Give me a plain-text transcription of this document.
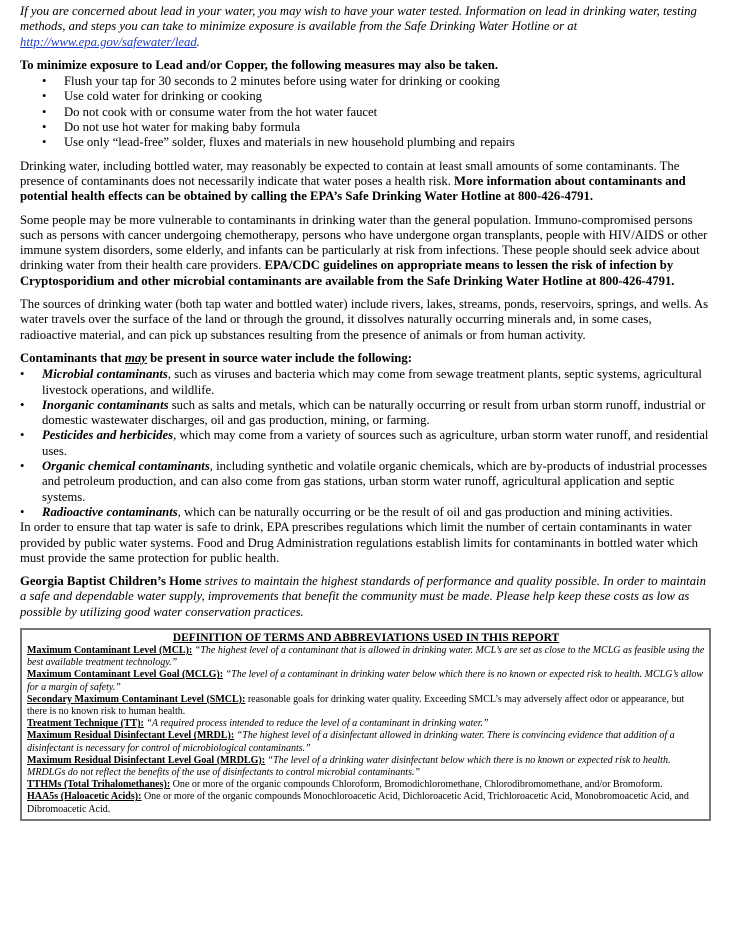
If you are concerned about lead in your water, you may wish to have your water tested. Information on lead in drinking water, testing methods, and steps you can take to minimize exposure is available from the Safe Drinking Water Hotline or at http://www.epa.gov/safewater/lead.

To minimize exposure to Lead and/or Copper, the following measures may also be taken.
• Flush your tap for 30 seconds to 2 minutes before using water for drinking or cooking
• Use cold water for drinking or cooking
• Do not cook with or consume water from the hot water faucet
• Do not use hot water for making baby formula
• Use only “lead-free” solder, fluxes and materials in new household plumbing and repairs

Drinking water, including bottled water, may reasonably be expected to contain at least small amounts of some contaminants. The presence of contaminants does not necessarily indicate that water poses a health risk. More information about contaminants and potential health effects can be obtained by calling the EPA’s Safe Drinking Water Hotline at 800-426-4791.

Some people may be more vulnerable to contaminants in drinking water than the general population. Immuno-compromised persons such as persons with cancer undergoing chemotherapy, persons who have undergone organ transplants, people with HIV/AIDS or other immune system disorders, some elderly, and infants can be particularly at risk from infections. These people should seek advice about drinking water from their health care providers. EPA/CDC guidelines on appropriate means to lessen the risk of infection by Cryptosporidium and other microbial contaminants are available from the Safe Drinking Water Hotline at 800-426-4791.

The sources of drinking water (both tap water and bottled water) include rivers, lakes, streams, ponds, reservoirs, springs, and wells. As water travels over the surface of the land or through the ground, it dissolves naturally occurring minerals and, in some cases, radioactive material, and can pick up substances resulting from the presence of animals or from human activity.

Contaminants that may be present in source water include the following:
• Microbial contaminants, such as viruses and bacteria which may come from sewage treatment plants, septic systems, agricultural livestock operations, and wildlife.
• Inorganic contaminants such as salts and metals, which can be naturally occurring or result from urban storm runoff, industrial or domestic wastewater discharges, oil and gas production, mining, or farming.
• Pesticides and herbicides, which may come from a variety of sources such as agriculture, urban storm water runoff, and residential uses.
• Organic chemical contaminants, including synthetic and volatile organic chemicals, which are by-products of industrial processes and petroleum production, and can also come from gas stations, urban storm water runoff, agricultural application and septic systems.
• Radioactive contaminants, which can be naturally occurring or be the result of oil and gas production and mining activities.

In order to ensure that tap water is safe to drink, EPA prescribes regulations which limit the number of certain contaminants in water provided by public water systems. Food and Drug Administration regulations establish limits for contaminants in bottled water which must provide the same protection for public health.

Georgia Baptist Children’s Home strives to maintain the highest standards of performance and quality possible. In order to maintain a safe and dependable water supply, improvements that benefit the community must be made. Please help keep these costs as low as possible by utilizing good water conservation practices.

DEFINITION OF TERMS AND ABBREVIATIONS USED IN THIS REPORT
Maximum Contaminant Level (MCL): “The highest level of a contaminant that is allowed in drinking water. MCL’s are set as close to the MCLG as feasible using the best available treatment technology.”
Maximum Contaminant Level Goal (MCLG): “The level of a contaminant in drinking water below which there is no known or expected risk to health. MCLG’s allow for a margin of safety.”
Secondary Maximum Contaminant Level (SMCL): reasonable goals for drinking water quality. Exceeding SMCL’s may adversely affect odor or appearance, but there is no known risk to human health.
Treatment Technique (TT): “A required process intended to reduce the level of a contaminant in drinking water.”
Maximum Residual Disinfectant Level (MRDL): “The highest level of a disinfectant allowed in drinking water. There is convincing evidence that addition of a disinfectant is necessary for control of microbiological contaminants.”
Maximum Residual Disinfectant Level Goal (MRDLG): “The level of a drinking water disinfectant below which there is no known or expected risk to health. MRDLGs do not reflect the benefits of the use of disinfectants to control microbial contaminants.”
TTHMs (Total Trihalomethanes): One or more of the organic compounds Chloroform, Bromodichloromethane, Chlorodibromomethane, and/or Bromoform.
HAA5s (Haloacetic Acids): One or more of the organic compounds Monochloroacetic Acid, Dichloroacetic Acid, Trichloroacetic Acid, Monobromoacetic Acid, and Dibromoacetic Acid.
